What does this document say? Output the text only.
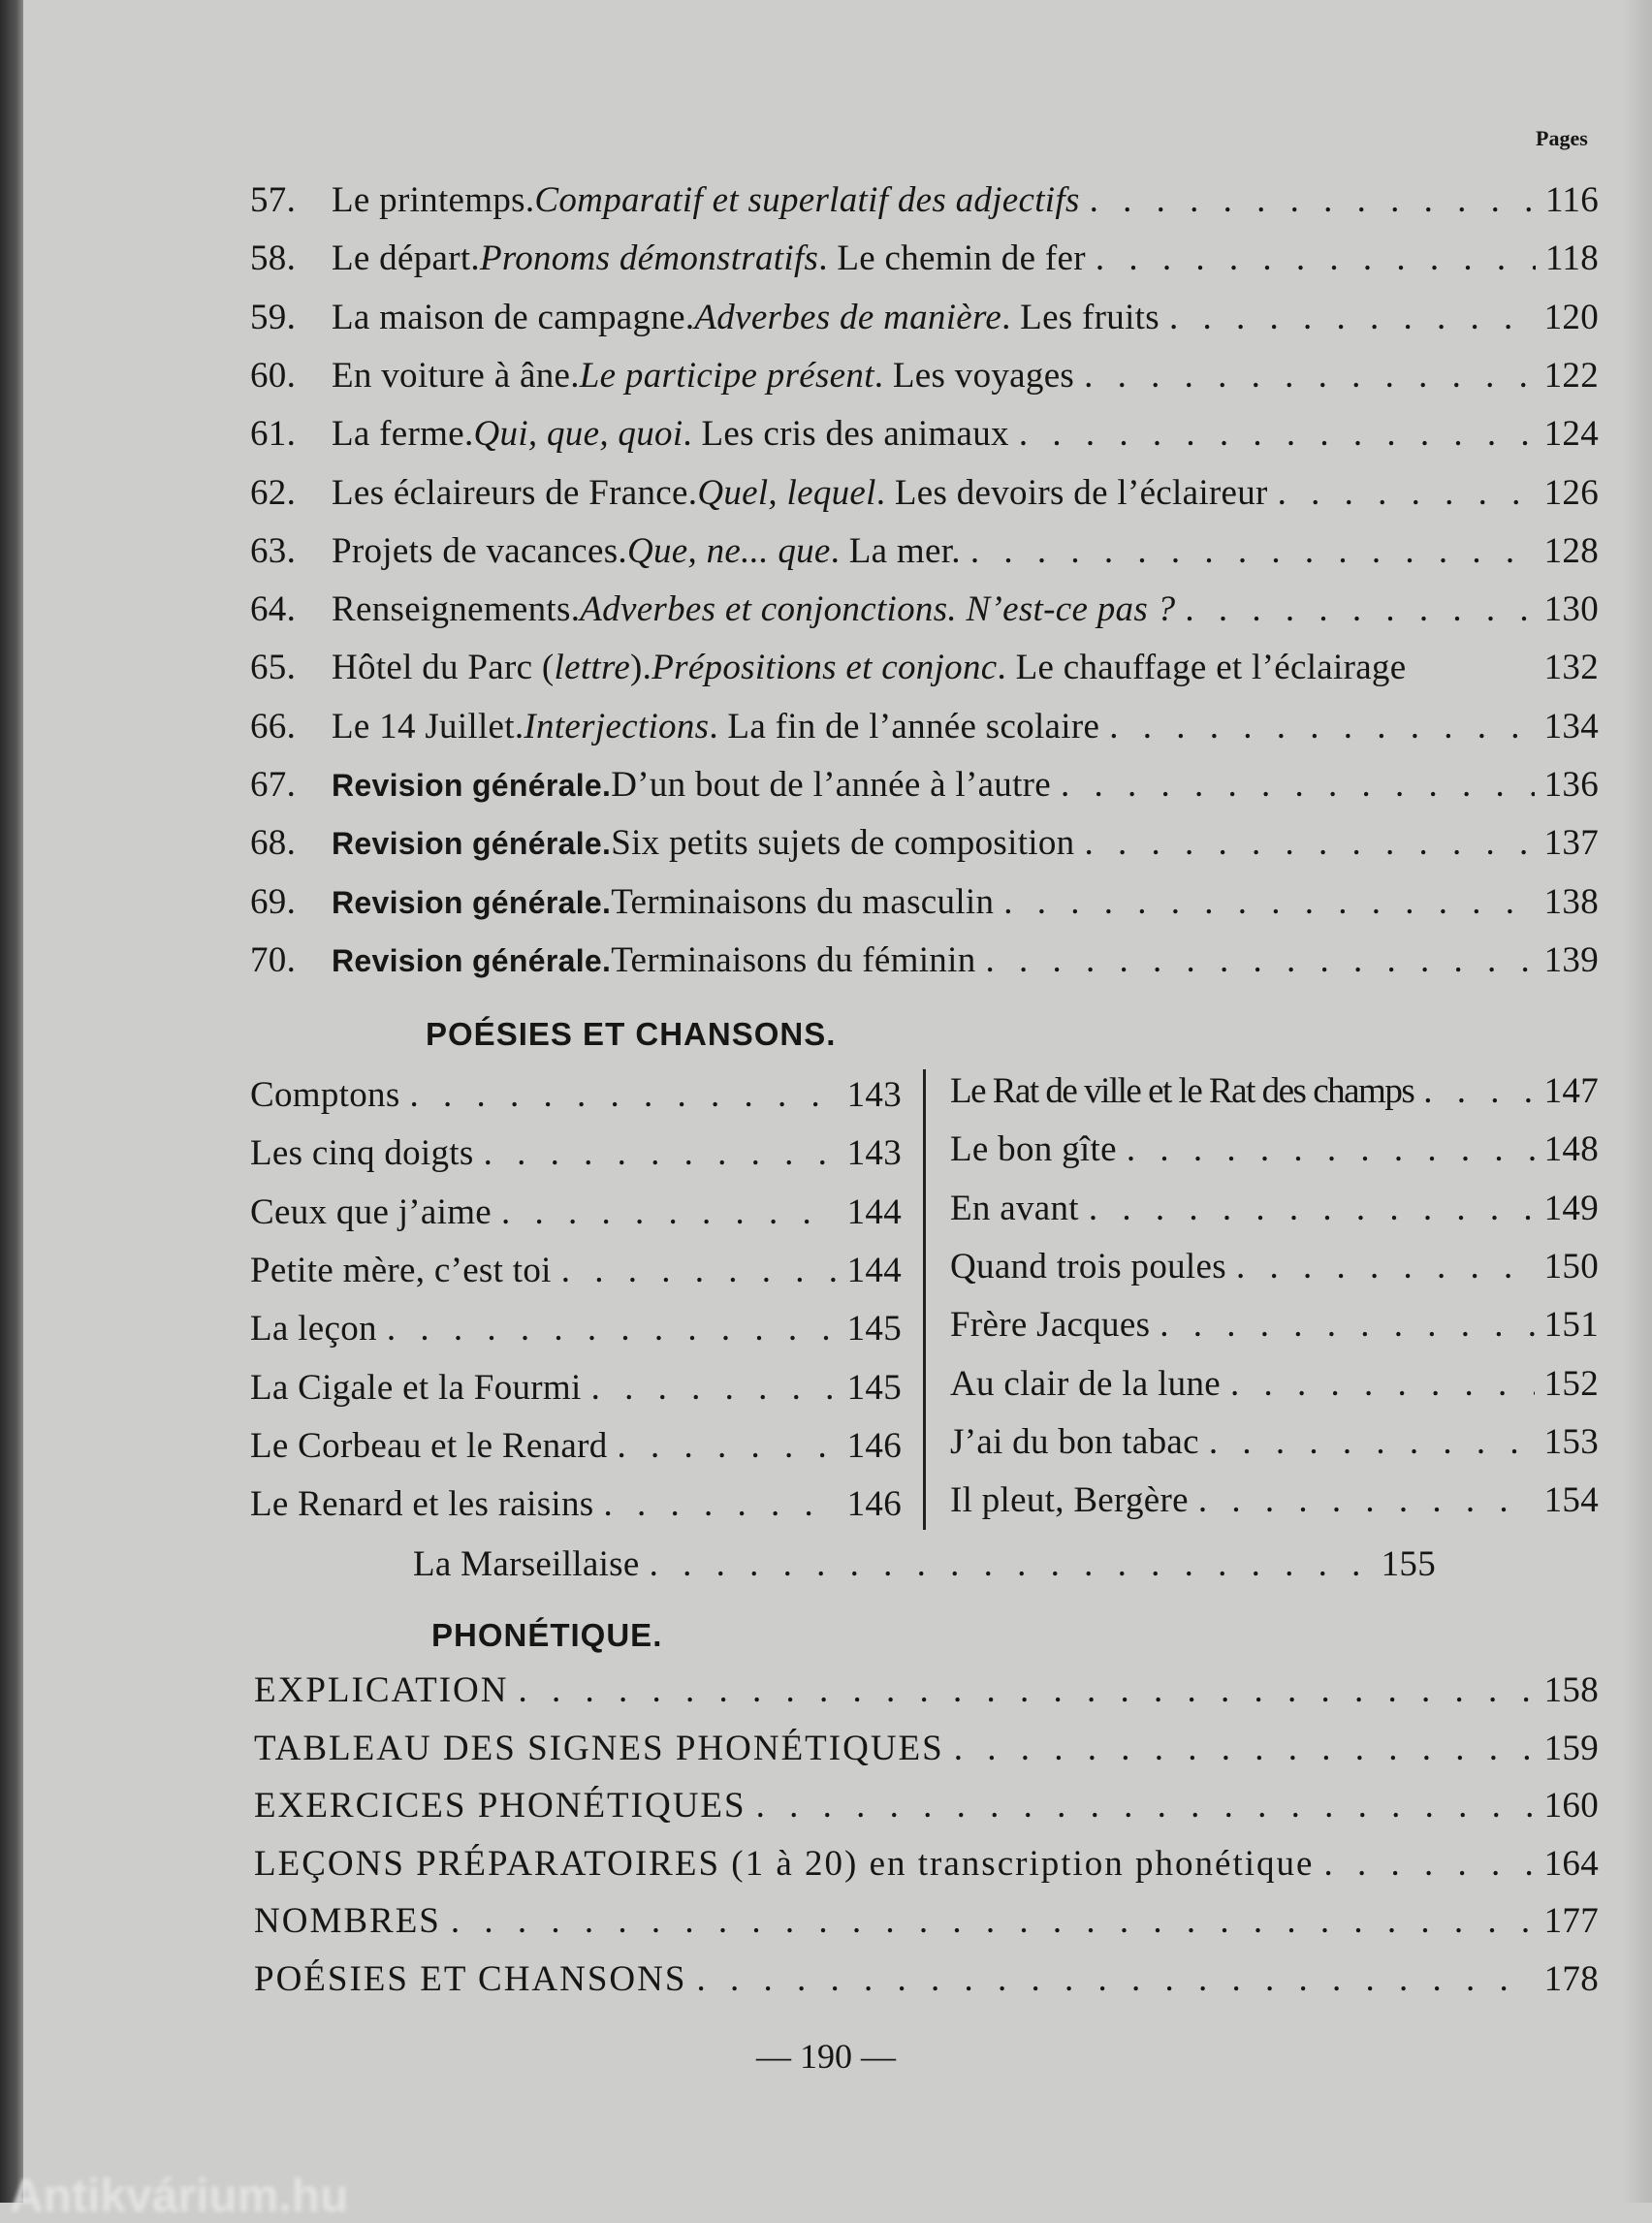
Pages
57. Le printemps. Comparatif et superlatif des adjectifs . . .	116
58. Le départ. Pronoms démonstratifs . Le chemin de fer . . .	118
59. La maison de campagne. Adverbes de manière . Les fruits . . .	120
60. En voiture à âne. Le participe présent . Les voyages . . .	122
61. La ferme. Qui, que, quoi . Les cris des animaux . . .	124
62. Les éclaireurs de France. Quel, lequel . Les devoirs de l’éclaireur . . .	126
63. Projets de vacances. Que, ne... que . La mer. . . .	128
64. Renseignements. Adverbes et conjonctions. N’est-ce pas ? . . .	130
65. Hôtel du Parc ( lettre ). Prépositions et conjonc . Le chauffage et l’éclairage	132
66. Le 14 Juillet. Interjections . La fin de l’année scolaire . . .	134
67.	Revision générale. D’un bout de l’année à l’autre . . .	136
68.	Revision générale. Six petits sujets de composition . . .	137
69.	Revision générale. Terminaisons du masculin . . .	138
70.	Revision générale. Terminaisons du féminin . . .	139
POÉSIES ET CHANSONS.
Comptons . . .	143
Les cinq doigts . . .	143
Ceux que j’aime . . .	144
Petite mère, c’est toi . . .	144
La leçon . . .	145
La Cigale et la Fourmi . . .	145
Le Corbeau et le Renard . . .	146
Le Renard et les raisins . . .	146
Le Rat de ville et le Rat des champs . . .	147
Le bon gîte . . .	148
En avant . . .	149
Quand trois poules . . .	150
Frère Jacques . . .	151
Au clair de la lune . . .	152
J’ai du bon tabac . . .	153
Il pleut, Bergère . . .	154
La Marseillaise . . .	155
PHONÉTIQUE.
EXPLICATION . . .	158
TABLEAU DES SIGNES PHONÉTIQUES . . .	159
EXERCICES PHONÉTIQUES . . .	160
LEÇONS PRÉPARATOIRES (1 à 20) en transcription phonétique . . .	164
NOMBRES . . .	177
POÉSIES ET CHANSONS . . .	178
— 190 —
Antikvárium.hu
